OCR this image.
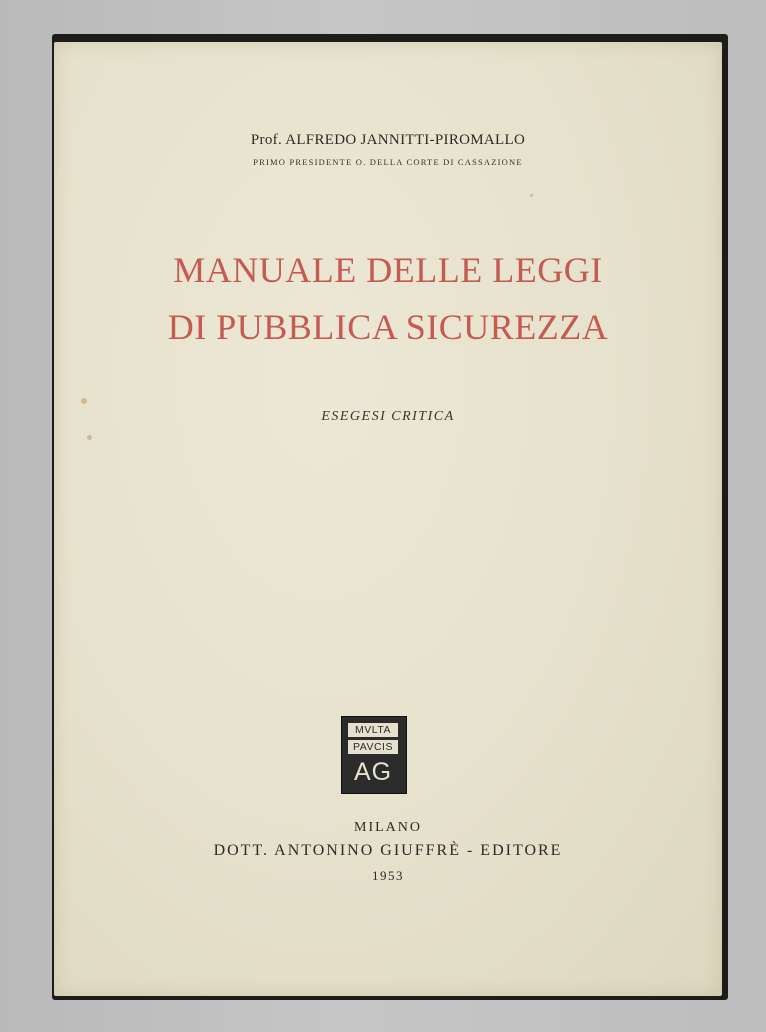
Prof. ALFREDO JANNITTI-PIROMALLO
PRIMO PRESIDENTE O. DELLA CORTE DI CASSAZIONE
MANUALE DELLE LEGGI
DI PUBBLICA SICUREZZA
ESEGESI CRITICA
MVLTA
PAVCIS
AG
MILANO
DOTT. ANTONINO GIUFFRÈ - EDITORE
1953
